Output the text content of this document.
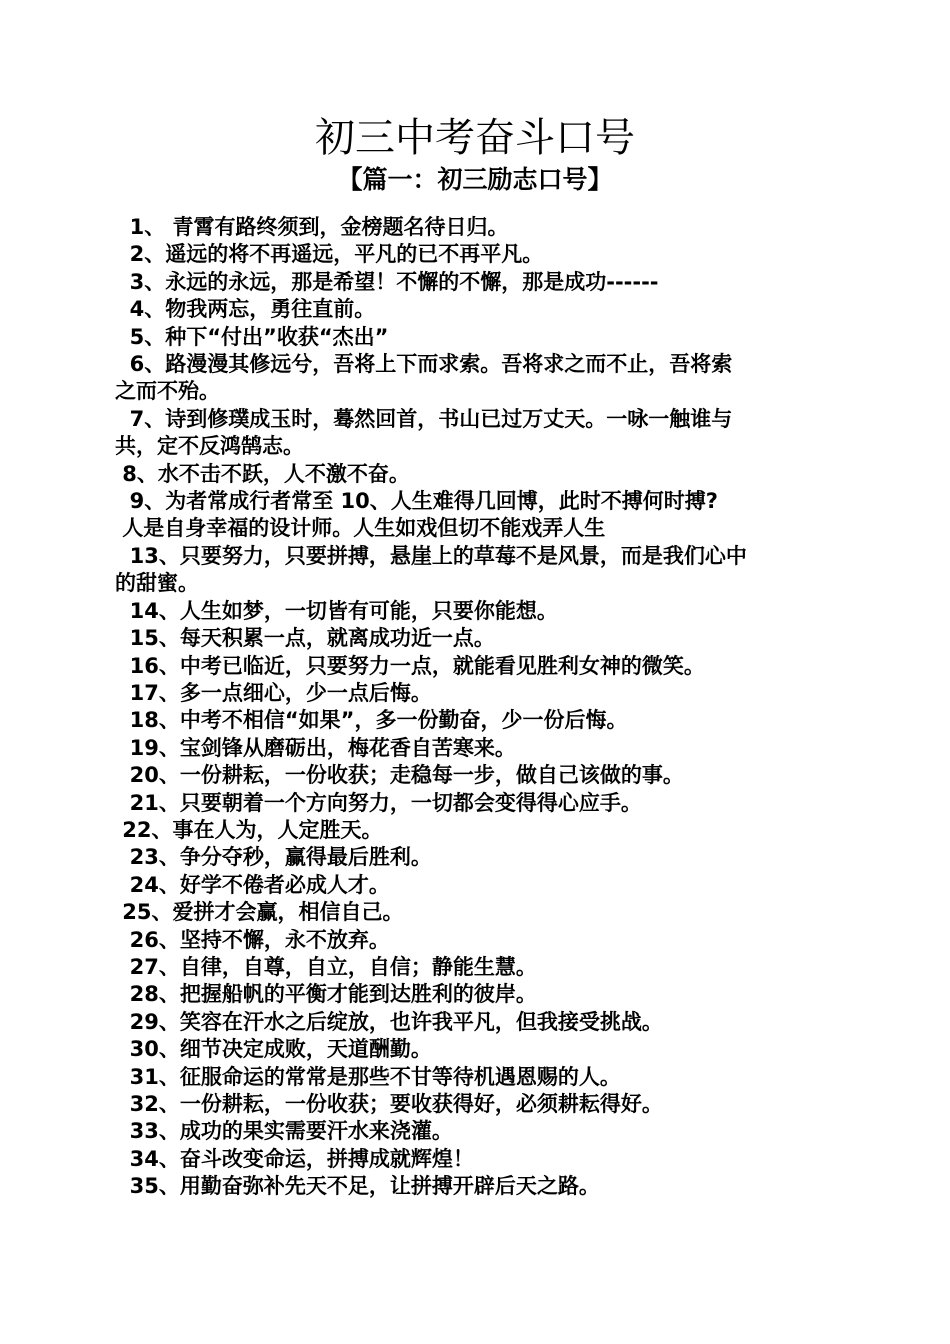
初三中考奋斗口号
【篇一：初三励志口号】
1、 青霄有路终须到，金榜题名待日归。
2、遥远的将不再遥远，平凡的已不再平凡。
3、永远的永远，那是希望！不懈的不懈，那是成功------
4、物我两忘，勇往直前。
5、种下“付出”收获“杰出”
6、路漫漫其修远兮，吾将上下而求索。吾将求之而不止，吾将索
之而不殆。
7、诗到修璞成玉时，蓦然回首，书山已过万丈天。一咏一触谁与
共，定不反鸿鹄志。
8、水不击不跃，人不激不奋。
9、为者常成行者常至 10、人生难得几回博，此时不搏何时搏?
人是自身幸福的设计师。人生如戏但切不能戏弄人生
13、只要努力，只要拼搏，悬崖上的草莓不是风景，而是我们心中
的甜蜜。
14、人生如梦，一切皆有可能，只要你能想。
15、每天积累一点，就离成功近一点。
16、中考已临近，只要努力一点，就能看见胜利女神的微笑。
17、多一点细心，少一点后悔。
18、中考不相信“如果”，多一份勤奋，少一份后悔。
19、宝剑锋从磨砺出，梅花香自苦寒来。
20、一份耕耘，一份收获；走稳每一步，做自己该做的事。
21、只要朝着一个方向努力，一切都会变得得心应手。
22、事在人为，人定胜天。
23、争分夺秒，赢得最后胜利。
24、好学不倦者必成人才。
25、爱拼才会赢，相信自己。
26、坚持不懈，永不放弃。
27、自律，自尊，自立，自信；静能生慧。
28、把握船帆的平衡才能到达胜利的彼岸。
29、笑容在汗水之后绽放，也许我平凡，但我接受挑战。
30、细节决定成败，天道酬勤。
31、征服命运的常常是那些不甘等待机遇恩赐的人。
32、一份耕耘，一份收获；要收获得好，必须耕耘得好。
33、成功的果实需要汗水来浇灌。
34、奋斗改变命运，拼搏成就辉煌！
35、用勤奋弥补先天不足，让拼搏开辟后天之路。
